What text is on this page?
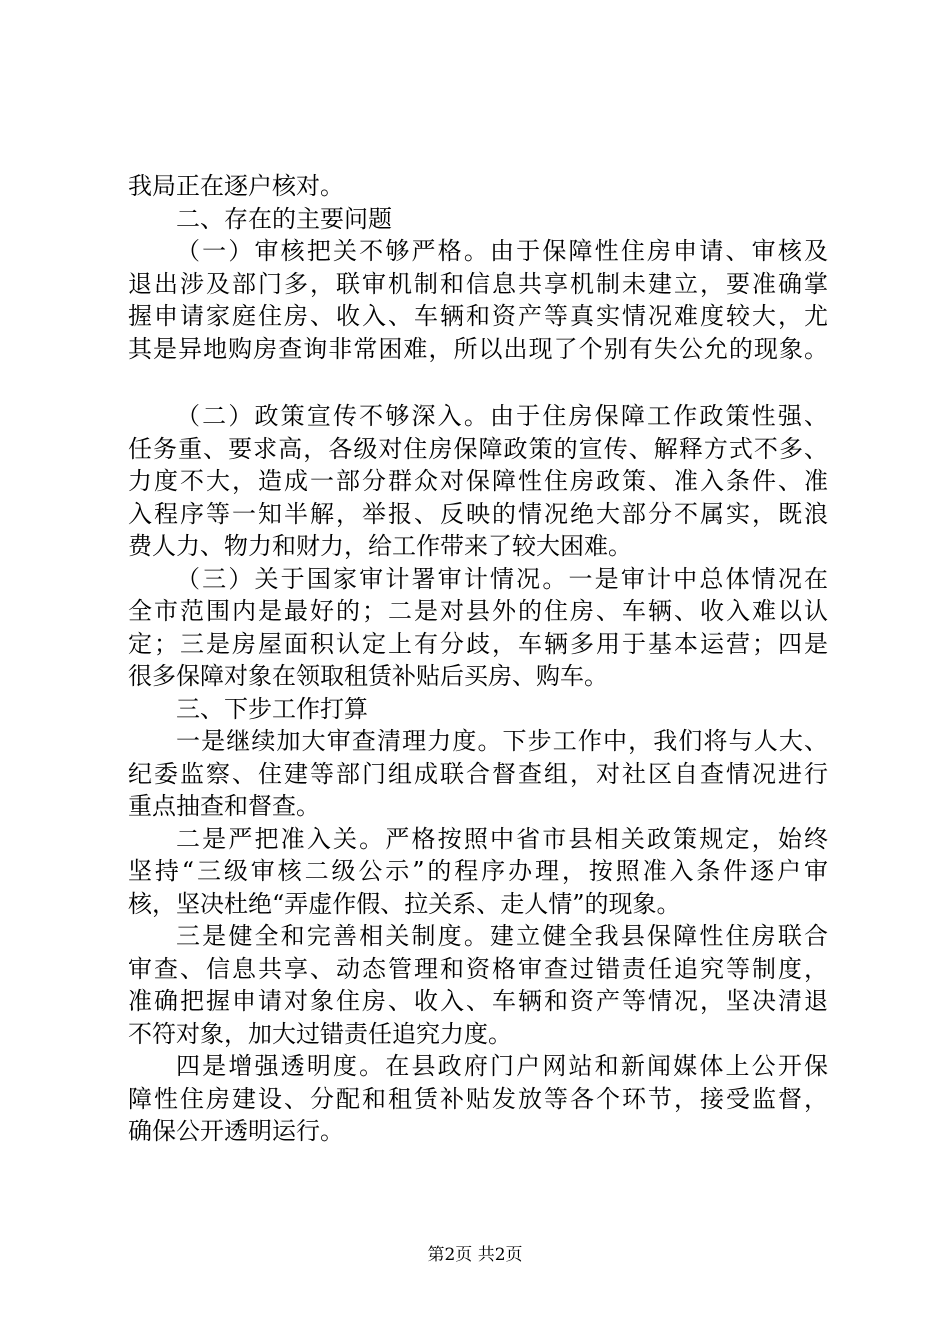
我局正在逐户核对。
二、存在的主要问题
（一）审核把关不够严格。由于保障性住房申请、审核及
退出涉及部门多，联审机制和信息共享机制未建立，要准确掌
握申请家庭住房、收入、车辆和资产等真实情况难度较大，尤
其是异地购房查询非常困难，所以出现了个别有失公允的现象。
（二）政策宣传不够深入。由于住房保障工作政策性强、
任务重、要求高，各级对住房保障政策的宣传、解释方式不多、
力度不大，造成一部分群众对保障性住房政策、准入条件、准
入程序等一知半解，举报、反映的情况绝大部分不属实，既浪
费人力、物力和财力，给工作带来了较大困难。
（三）关于国家审计署审计情况。一是审计中总体情况在
全市范围内是最好的；二是对县外的住房、车辆、收入难以认
定；三是房屋面积认定上有分歧，车辆多用于基本运营；四是
很多保障对象在领取租赁补贴后买房、购车。
三、下步工作打算
一是继续加大审查清理力度。下步工作中，我们将与人大、
纪委监察、住建等部门组成联合督查组，对社区自查情况进行
重点抽查和督查。
二是严把准入关。严格按照中省市县相关政策规定，始终
坚持“三级审核二级公示”的程序办理，按照准入条件逐户审
核，坚决杜绝“弄虚作假、拉关系、走人情”的现象。
三是健全和完善相关制度。建立健全我县保障性住房联合
审查、信息共享、动态管理和资格审查过错责任追究等制度，
准确把握申请对象住房、收入、车辆和资产等情况，坚决清退
不符对象，加大过错责任追究力度。
四是增强透明度。在县政府门户网站和新闻媒体上公开保
障性住房建设、分配和租赁补贴发放等各个环节，接受监督，
确保公开透明运行。
第2页 共2页
